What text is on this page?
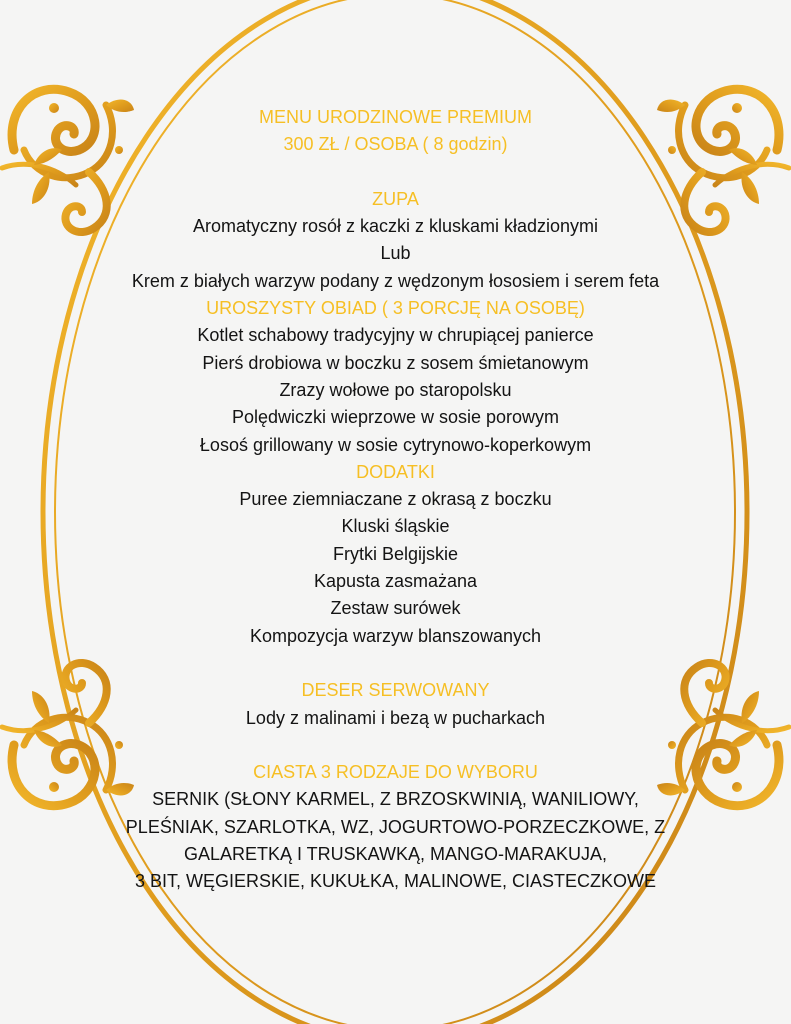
MENU URODZINOWE PREMIUM
300 ZŁ / OSOBA ( 8 godzin)
ZUPA
Aromatyczny rosół z kaczki z kluskami kładzionymi
Lub
Krem z białych warzyw podany z wędzonym łososiem i serem feta
UROSZYSTY OBIAD ( 3 PORCJĘ NA OSOBĘ)
Kotlet schabowy tradycyjny w chrupiącej panierce
Pierś drobiowa w boczku z sosem śmietanowym
Zrazy wołowe po staropolsku
Polędwiczki wieprzowe w sosie porowym
Łosoś grillowany w sosie cytrynowo-koperkowym
DODATKI
Puree ziemniaczane z okrasą z boczku
Kluski śląskie
Frytki Belgijskie
Kapusta zasmażana
Zestaw surówek
Kompozycja warzyw blanszowanych
DESER SERWOWANY
Lody z malinami i bezą w pucharkach
CIASTA 3 RODZAJE DO WYBORU
SERNIK (SŁONY KARMEL, Z BRZOSKWINIĄ, WANILIOWY,
PLEŚNIAK, SZARLOTKA, WZ, JOGURTOWO-PORZECZKOWE, Z
GALARETKĄ I TRUSKAWKĄ, MANGO-MARAKUJA,
3 BIT, WĘGIERSKIE, KUKUŁKA, MALINOWE, CIASTECZKOWE
